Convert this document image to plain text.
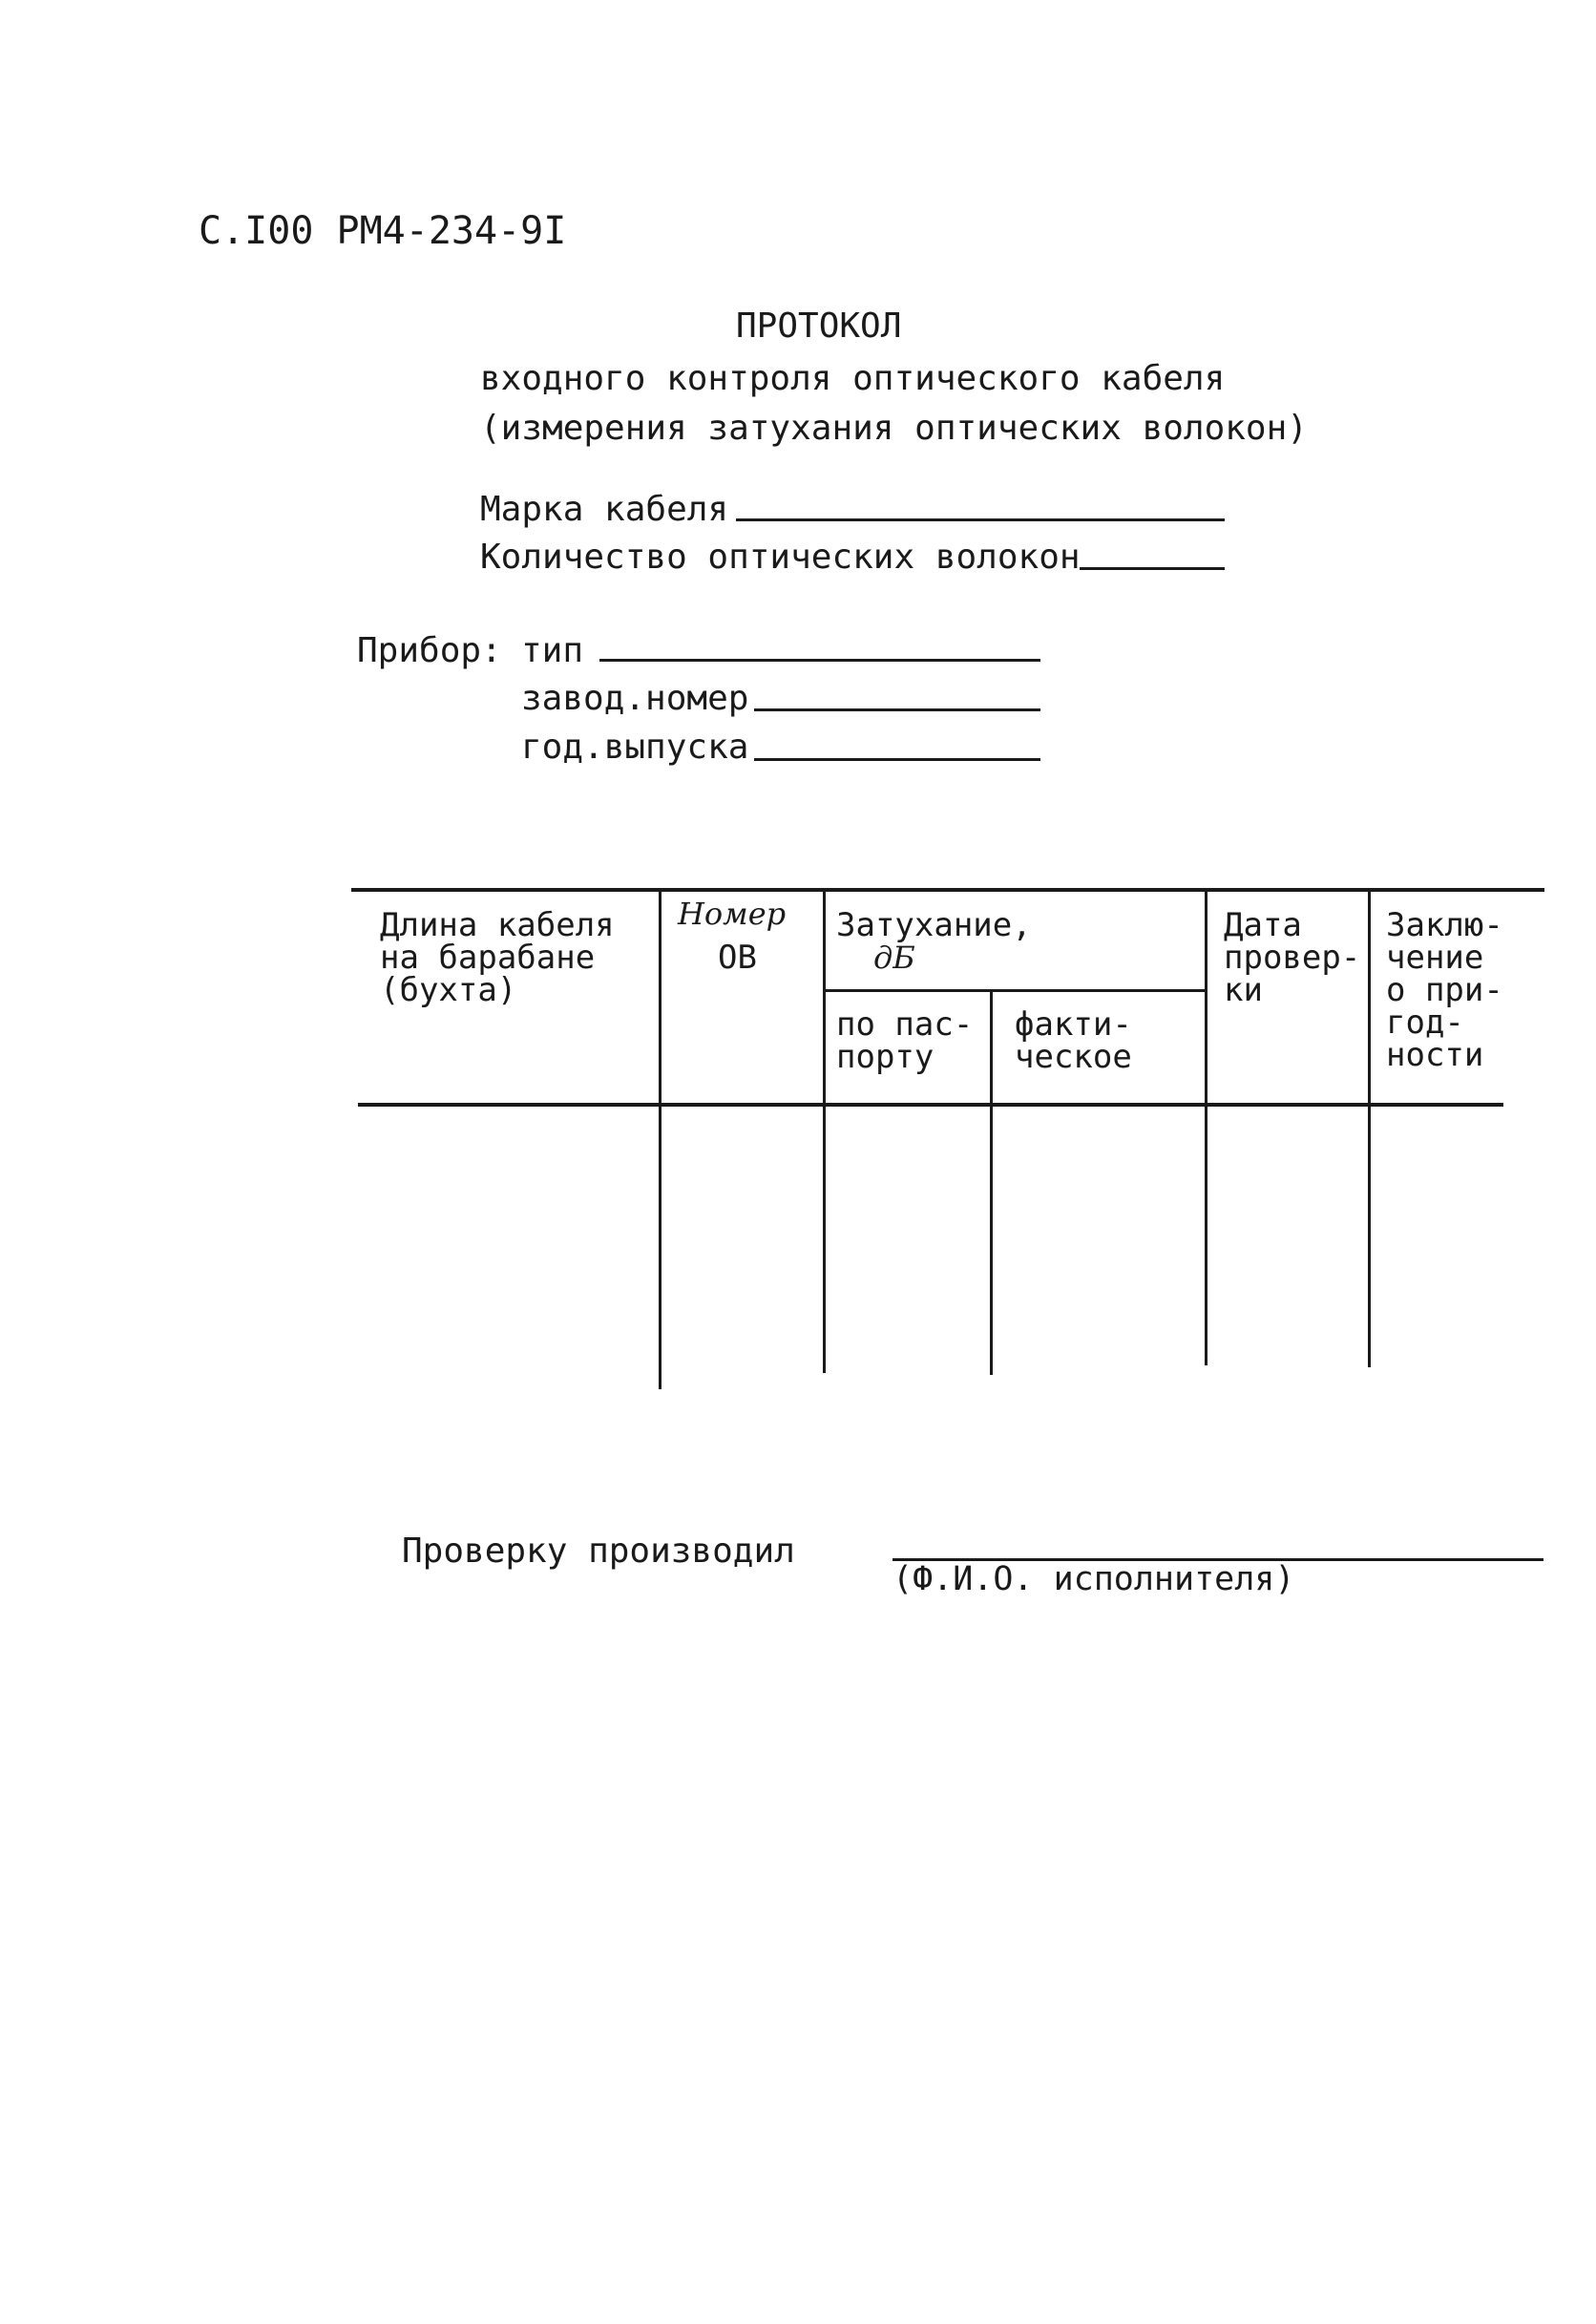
С.I00 РМ4-234-9I
ПРОТОКОЛ
входного контроля оптического кабеля
(измерения затухания оптических волокон)
Марка кабеля
Количество оптических волокон
Прибор: тип
завод.номер
год.выпуска
Длина кабеля
на барабане
(бухта)
Номер
ОВ
Затухание,
дБ
по пас-
порту
факти-
ческое
Дата
провер-
ки
Заклю-
чение
о при-
год-
ности
Проверку производил
(Ф.И.О. исполнителя)
